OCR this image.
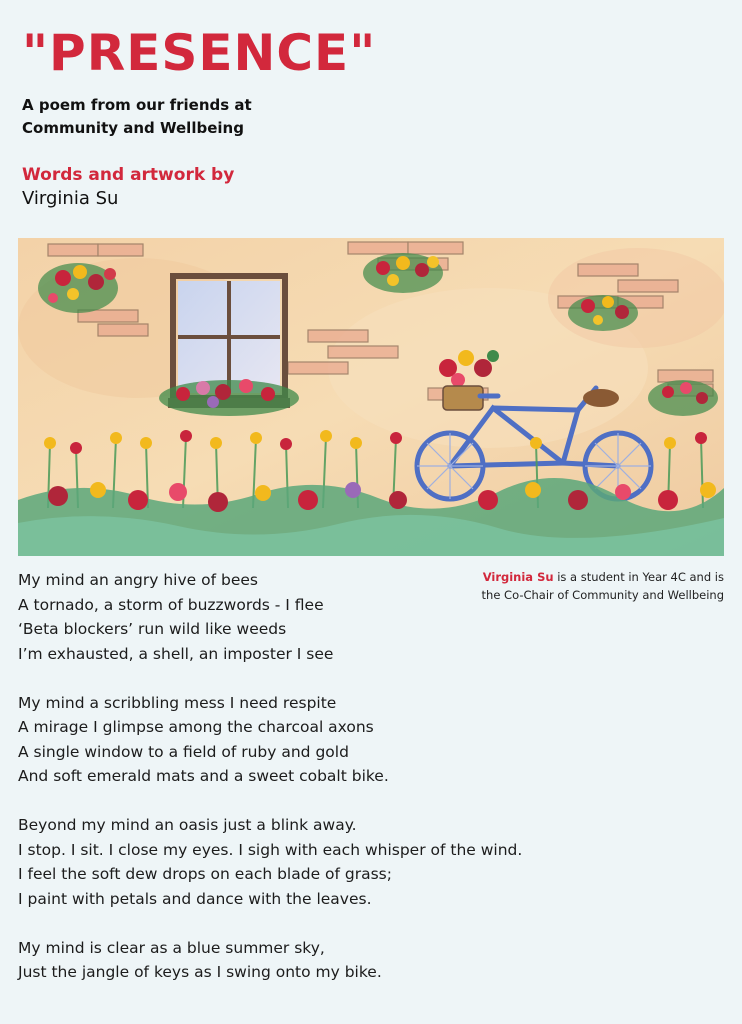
"PRESENCE"
A poem from our friends at
Community and Wellbeing
Words and artwork by
Virginia Su
Virginia Su is a student in Year 4C and is
the Co-Chair of Community and Wellbeing
My mind an angry hive of bees
A tornado, a storm of buzzwords - I flee
‘Beta blockers’ run wild like weeds
I’m exhausted, a shell, an imposter I see
My mind a scribbling mess I need respite
A mirage I glimpse among the charcoal axons
A single window to a field of ruby and gold
And soft emerald mats and a sweet cobalt bike.
Beyond my mind an oasis just a blink away.
I stop. I sit. I close my eyes. I sigh with each whisper of the wind.
I feel the soft dew drops on each blade of grass;
I paint with petals and dance with the leaves.
My mind is clear as a blue summer sky,
Just the jangle of keys as I swing onto my bike.
